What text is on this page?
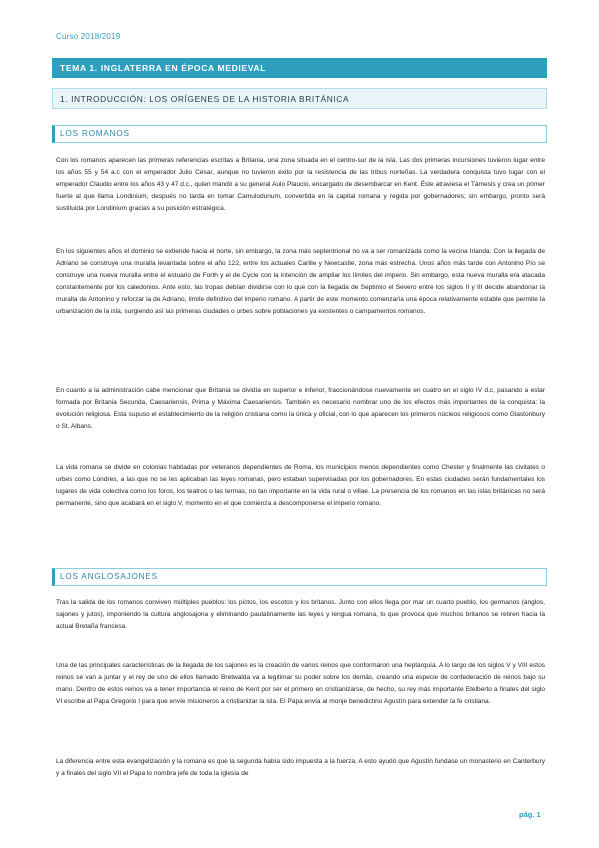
Curso 2018/2019
TEMA 1. INGLATERRA EN ÉPOCA MEDIEVAL
1. INTRODUCCIÓN: LOS ORÍGENES DE LA HISTORIA BRITÁNICA
LOS ROMANOS

Con los romanos aparecen las primeras referencias escritas a Britania, una zona situada en el centro-sur de la isla. Las dos primeras incursiones tuvieron lugar entre los años 55 y 54 a.c con el emperador Julio César, aunque no tuvieron éxito por la resistencia de las tribus norteñas. La verdadera conquista tuvo lugar con el emperador Claudio entre los años 43 y 47 d.c., quien mandó a su general Aulo Plaucio, encargado de desembarcar en Kent. Éste atraviesa el Támesis y crea un primer fuerte al que llama Londinium, después no tarda en tomar Camulodunum, convertida en la capital romana y regida por gobernadores; sin embargo, pronto será sustituida por Londinium gracias a su posición estratégica.

En los siguientes años el dominio se extiende hacia el norte, sin embargo, la zona más septentrional no va a ser romanizada como la vecina Irlanda. Con la llegada de Adriano se construye una muralla levantada sobre el año 122, entre los actuales Carlile y Newcastle, zona más estrecha. Unos años más tarde con Antonino Pío se construye una nueva muralla entre el estuario de Forth y el de Cycle con la intención de ampliar los límites del imperio. Sin embargo, esta nueva muralla era atacada constantemente por los caledonios. Ante esto, las tropas debían dividirse con lo que con la llegada de Septimio el Severo entre los siglos II y III decide abandonar la muralla de Antonino y reforzar la de Adriano, límite definitivo del imperio romano. A partir de este momento comenzaría una época relativamente estable que permite la urbanización de la isla, surgiendo así las primeras ciudades o urbes sobre poblaciones ya existentes o campamentos romanos.

En cuanto a la administración cabe mencionar que Britania se dividía en superior e inferior, fraccionándose nuevamente en cuatro en el siglo IV d.c, pasando a estar formada por Britania Secunda, Caesariensis, Prima y Máxima Caesariensis. También es necesario nombrar uno de los efectos más importantes de la conquista: la evolución religiosa. Esta supuso el establecimiento de la religión cristiana como la única y oficial, con lo que aparecen los primeros núcleos religiosos como Glastonbury o St. Albans.

La vida romana se divide en colonias habitadas por veteranos dependientes de Roma, los municipios menos dependientes como Chester y finalmente las civitates o urbes como Londres, a las que no se les aplicaban las leyes romanas, pero estaban supervisadas por los gobernadores. En estas ciudades serán fundamentales los lugares de vida colectiva como los foros, los teatros o las termas, no tan importante en la vida rural o villae. La presencia de los romanos en las islas británicas no será permanente, sino que acabará en el siglo V, momento en el que comienza a descomponerse el imperio romano.

LOS ANGLOSAJONES

Tras la salida de los romanos conviven múltiples pueblos: los pictos, los escotos y los britanos. Junto con ellos llega por mar un cuarto pueblo, los germanos (anglos, sajones y jutos), imponiendo la cultura anglosajona y eliminando paulatinamente las leyes y lengua romana, lo que provoca que muchos britanos se retiren hacia la actual Bretaña francesa.

Una de las principales características de la llegada de los sajones es la creación de varios reinos que conformaron una heptarquía. A lo largo de los siglos V y VIII estos reinos se van a juntar y el rey de uno de ellos llamado Bretwalda va a legitimar su poder sobre los demás, creando una especie de confederación de reinos bajo su mano. Dentro de estos reinos va a tener importancia el reino de Kent por ser el primero en cristianizarse, de hecho, su rey más importante Etelberto a finales del siglo VI escribe al Papa Gregorio I para que envíe misioneros a cristianizar la isla. El Papa envía al monje benedictino Agustín para extender la fe cristiana.

La diferencia entre esta evangelización y la romana es que la segunda había sido impuesta a la fuerza. A esto ayudó que Agustín fundase un monasterio en Canterbury y a finales del siglo VII el Papa lo nombra jefe de toda la iglesia de

pág. 1
